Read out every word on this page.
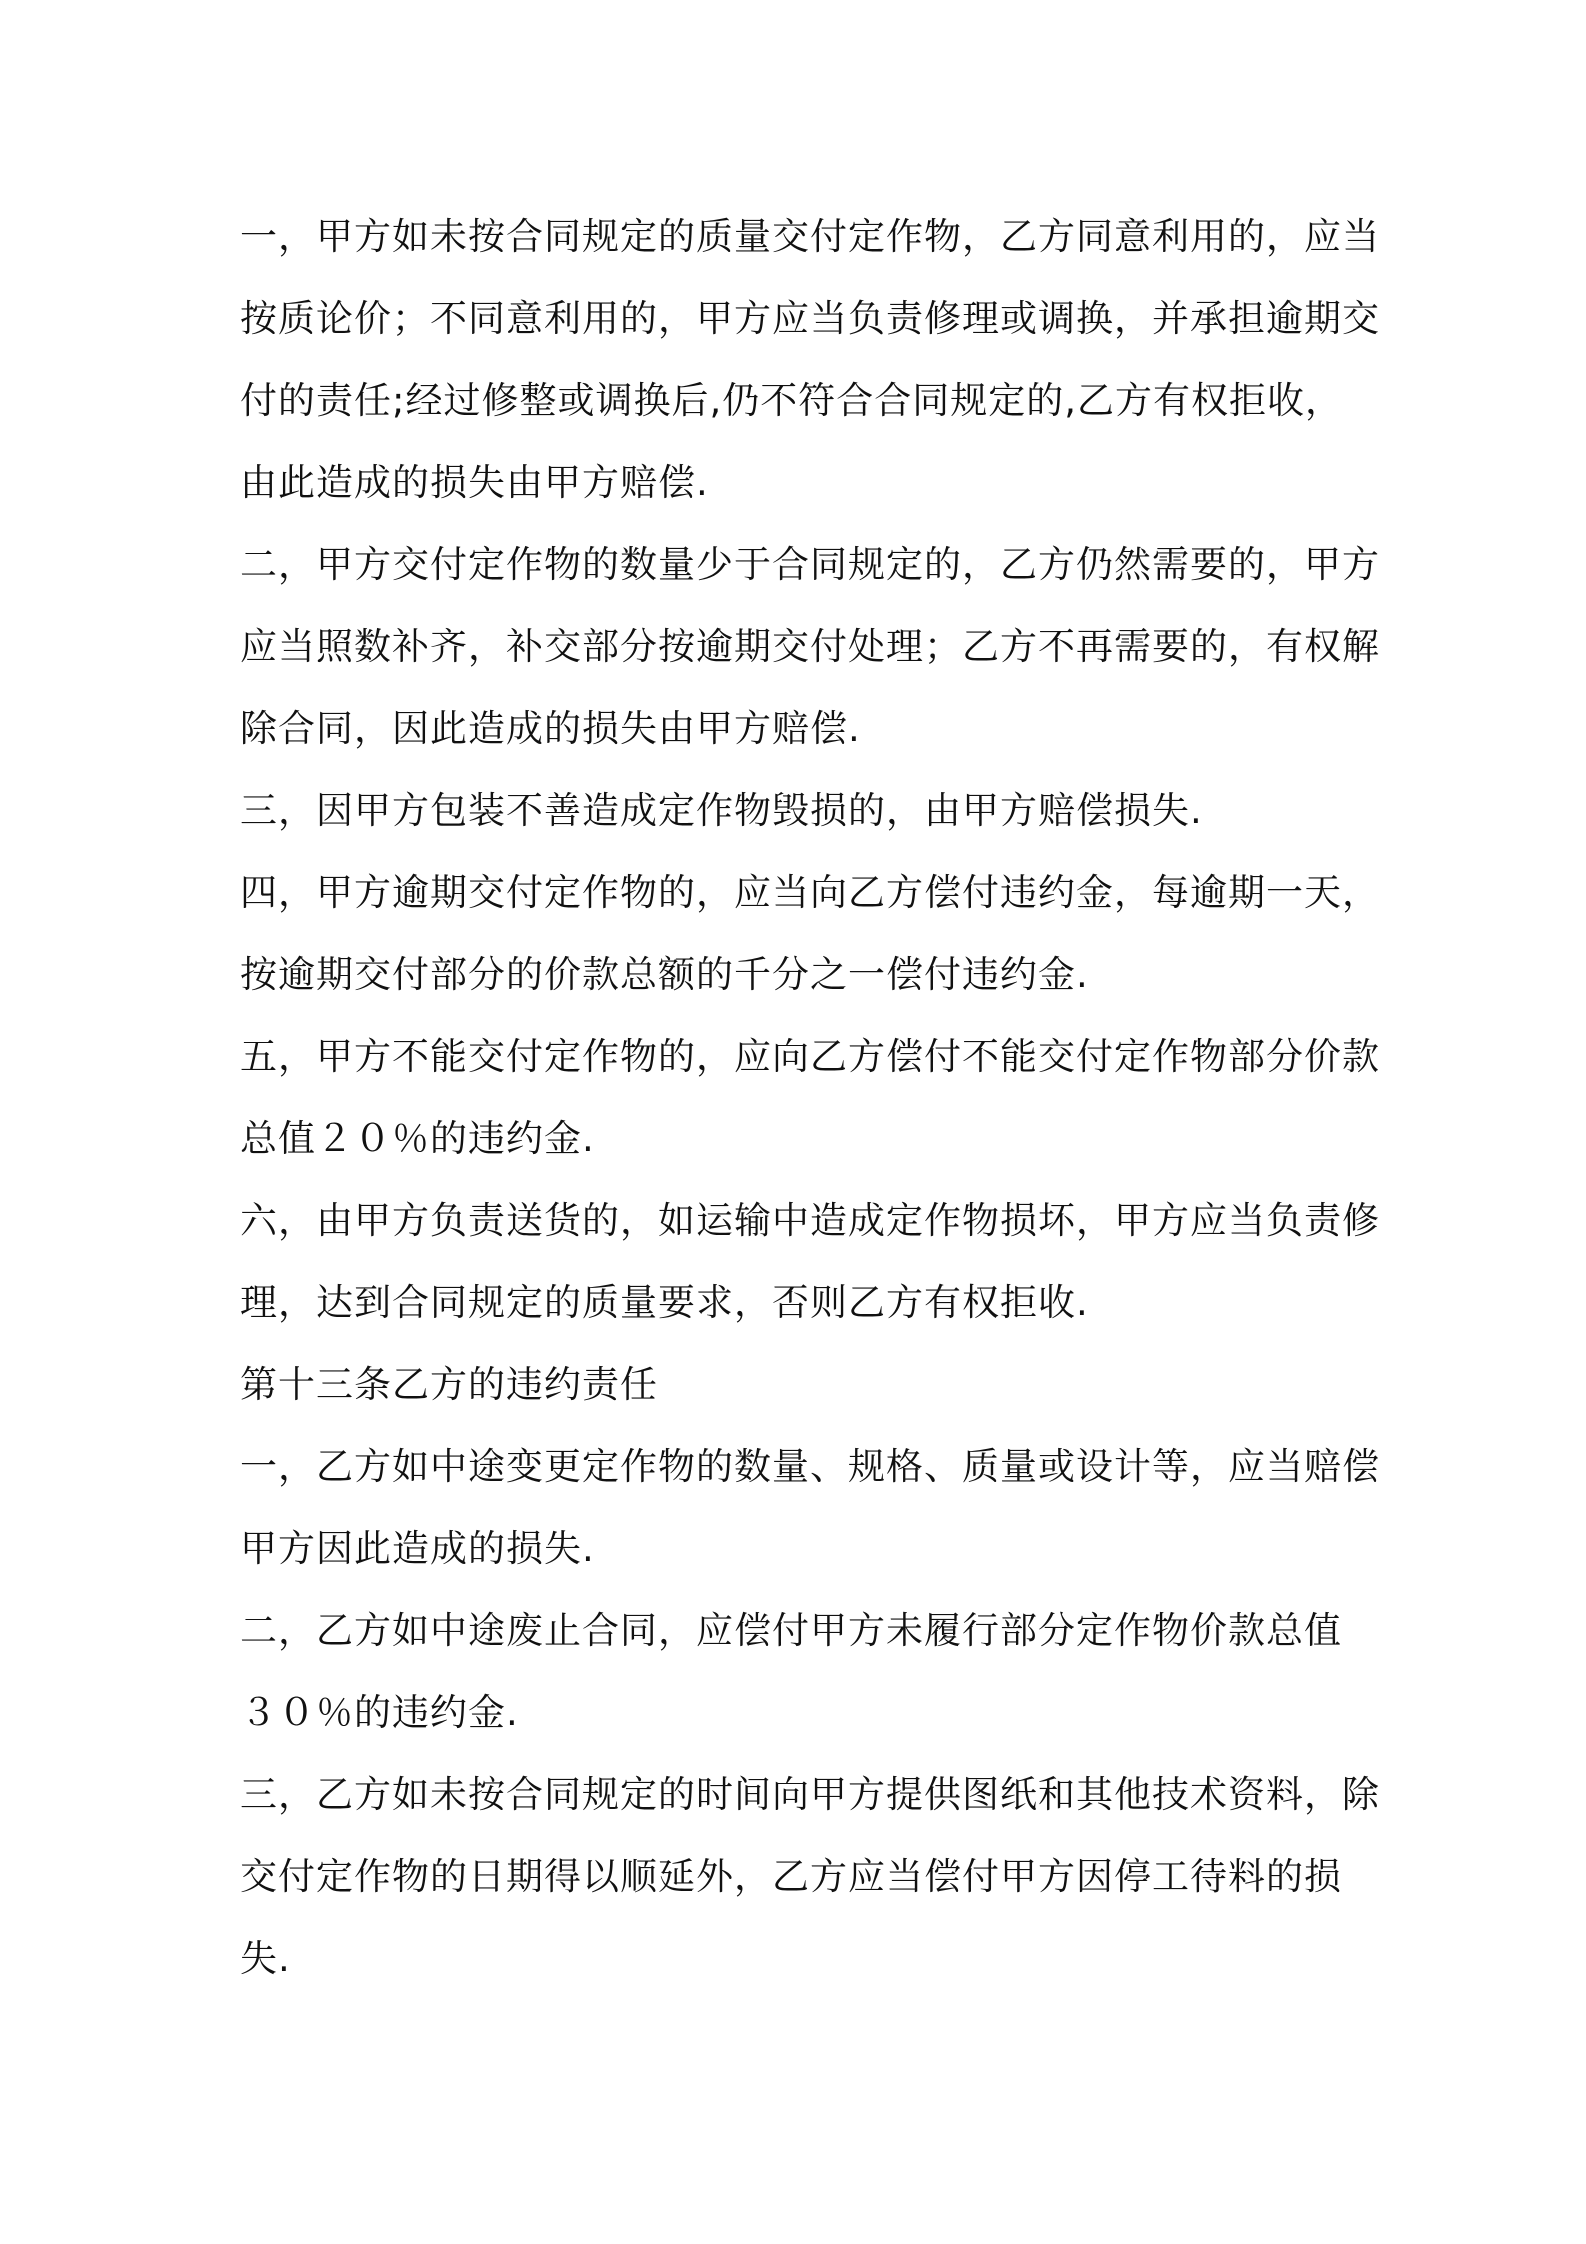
一，甲方如未按合同规定的质量交付定作物，乙方同意利用的，应当
按质论价；不同意利用的，甲方应当负责修理或调换，并承担逾期交
付的责任;经过修整或调换后,仍不符合合同规定的,乙方有权拒收，
由此造成的损失由甲方赔偿.
二，甲方交付定作物的数量少于合同规定的，乙方仍然需要的，甲方
应当照数补齐，补交部分按逾期交付处理；乙方不再需要的，有权解
除合同，因此造成的损失由甲方赔偿.
三，因甲方包装不善造成定作物毁损的，由甲方赔偿损失.
四，甲方逾期交付定作物的，应当向乙方偿付违约金，每逾期一天，
按逾期交付部分的价款总额的千分之一偿付违约金.
五，甲方不能交付定作物的，应向乙方偿付不能交付定作物部分价款
总值２０％的违约金.
六，由甲方负责送货的，如运输中造成定作物损坏，甲方应当负责修
理，达到合同规定的质量要求，否则乙方有权拒收.
第十三条乙方的违约责任
一，乙方如中途变更定作物的数量、规格、质量或设计等，应当赔偿
甲方因此造成的损失.
二，乙方如中途废止合同，应偿付甲方未履行部分定作物价款总值
３０％的违约金.
三，乙方如未按合同规定的时间向甲方提供图纸和其他技术资料，除
交付定作物的日期得以顺延外，乙方应当偿付甲方因停工待料的损
失.
